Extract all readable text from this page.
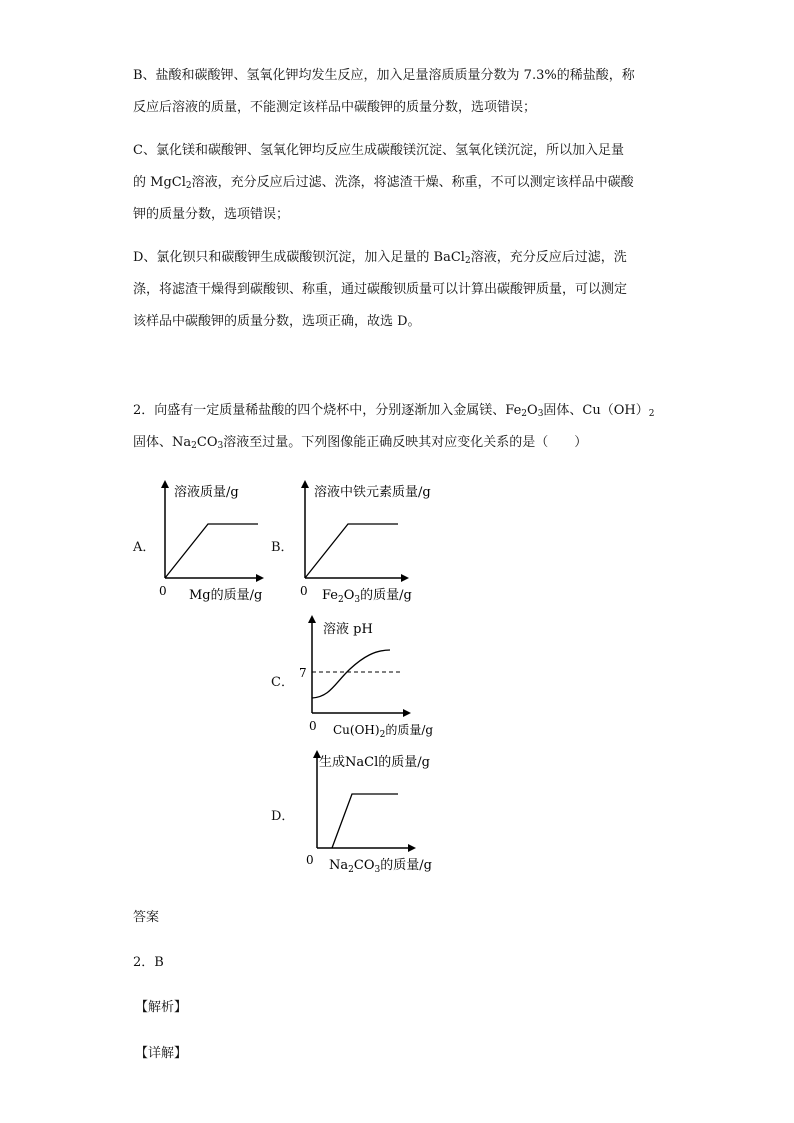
B、盐酸和碳酸钾、氢氧化钾均发生反应，加入足量溶质质量分数为 7.3%的稀盐酸，称
反应后溶液的质量，不能测定该样品中碳酸钾的质量分数，选项错误；
C、氯化镁和碳酸钾、氢氧化钾均反应生成碳酸镁沉淀、氢氧化镁沉淀，所以加入足量
的 MgCl$_2$溶液，充分反应后过滤、洗涤，将滤渣干燥、称重，不可以测定该样品中碳酸
钾的质量分数，选项错误；
D、氯化钡只和碳酸钾生成碳酸钡沉淀，加入足量的 BaCl$_2$溶液，充分反应后过滤，洗
涤，将滤渣干燥得到碳酸钡、称重，通过碳酸钡质量可以计算出碳酸钾质量，可以测定
该样品中碳酸钾的质量分数，选项正确，故选 D。
2．向盛有一定质量稀盐酸的四个烧杯中，分别逐渐加入金属镁、$Fe_2O_3$固体、$Cu(OH)_2$
固体、$Na_2CO_3$溶液至过量。下列图像能正确反映其对应变化关系的是（　　）
A．
溶液质量/g
0 Mg的质量/g
B．
溶液中铁元素质量/g
0 $Fe_2O_3$的质量/g
C．
溶液 pH
7
0 $Cu(OH)_2$的质量/g
D．
生成NaCl的质量/g
0 $Na_2CO_3$的质量/g
答案
2．B
【解析】
【详解】
